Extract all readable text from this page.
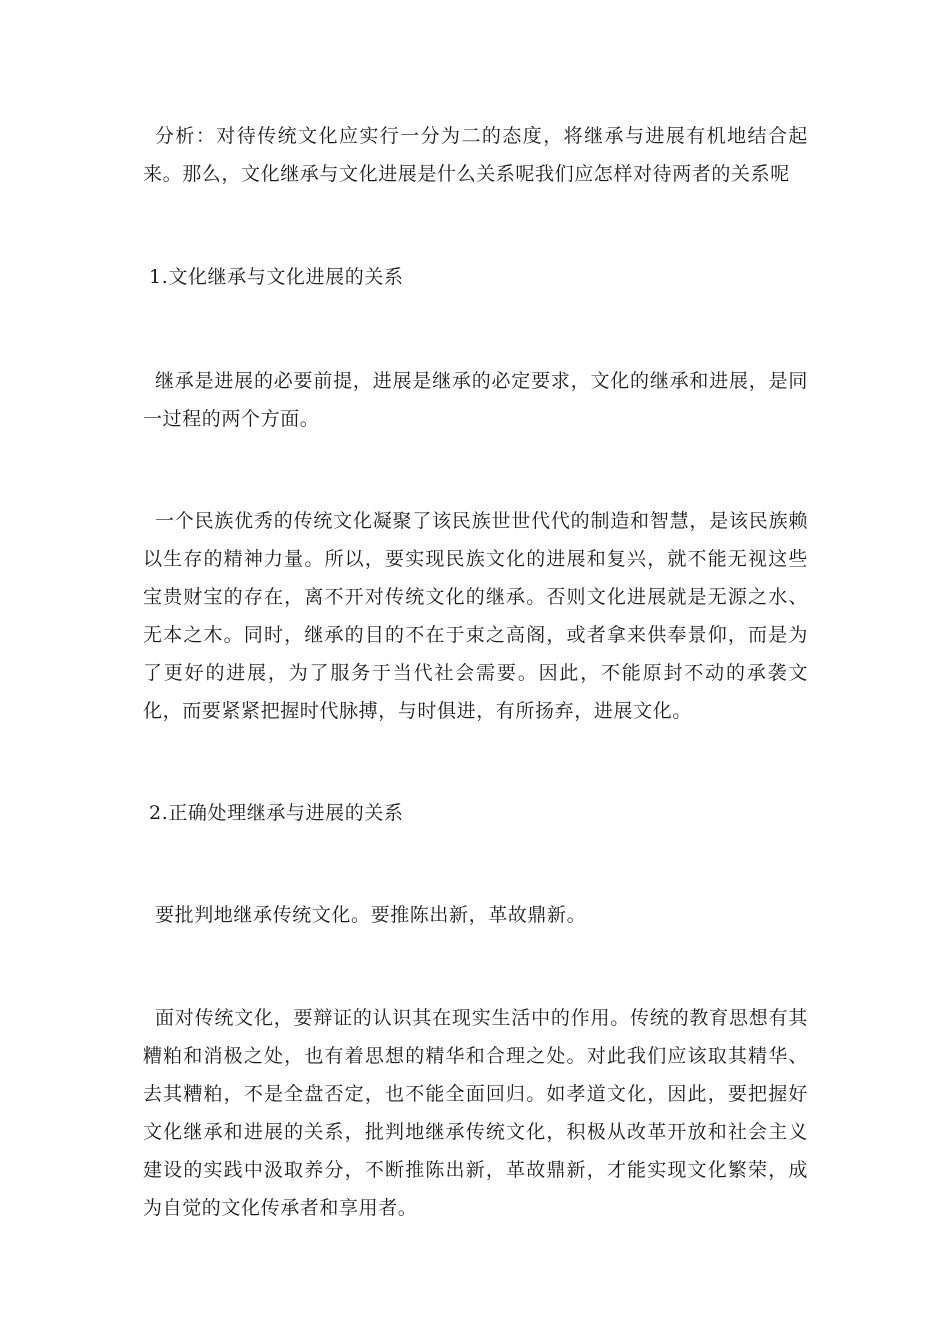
分析：对待传统文化应实行一分为二的态度，将继承与进展有机地结合起来。那么，文化继承与文化进展是什么关系呢我们应怎样对待两者的关系呢

1.文化继承与文化进展的关系

继承是进展的必要前提，进展是继承的必定要求，文化的继承和进展，是同一过程的两个方面。

一个民族优秀的传统文化凝聚了该民族世世代代的制造和智慧，是该民族赖以生存的精神力量。所以，要实现民族文化的进展和复兴，就不能无视这些宝贵财宝的存在，离不开对传统文化的继承。否则文化进展就是无源之水、无本之木。同时，继承的目的不在于束之高阁，或者拿来供奉景仰，而是为了更好的进展，为了服务于当代社会需要。因此，不能原封不动的承袭文化，而要紧紧把握时代脉搏，与时俱进，有所扬弃，进展文化。

2.正确处理继承与进展的关系

要批判地继承传统文化。要推陈出新，革故鼎新。

面对传统文化，要辩证的认识其在现实生活中的作用。传统的教育思想有其糟粕和消极之处，也有着思想的精华和合理之处。对此我们应该取其精华、去其糟粕，不是全盘否定，也不能全面回归。如孝道文化，因此，要把握好文化继承和进展的关系，批判地继承传统文化，积极从改革开放和社会主义建设的实践中汲取养分，不断推陈出新，革故鼎新，才能实现文化繁荣，成为自觉的文化传承者和享用者。
